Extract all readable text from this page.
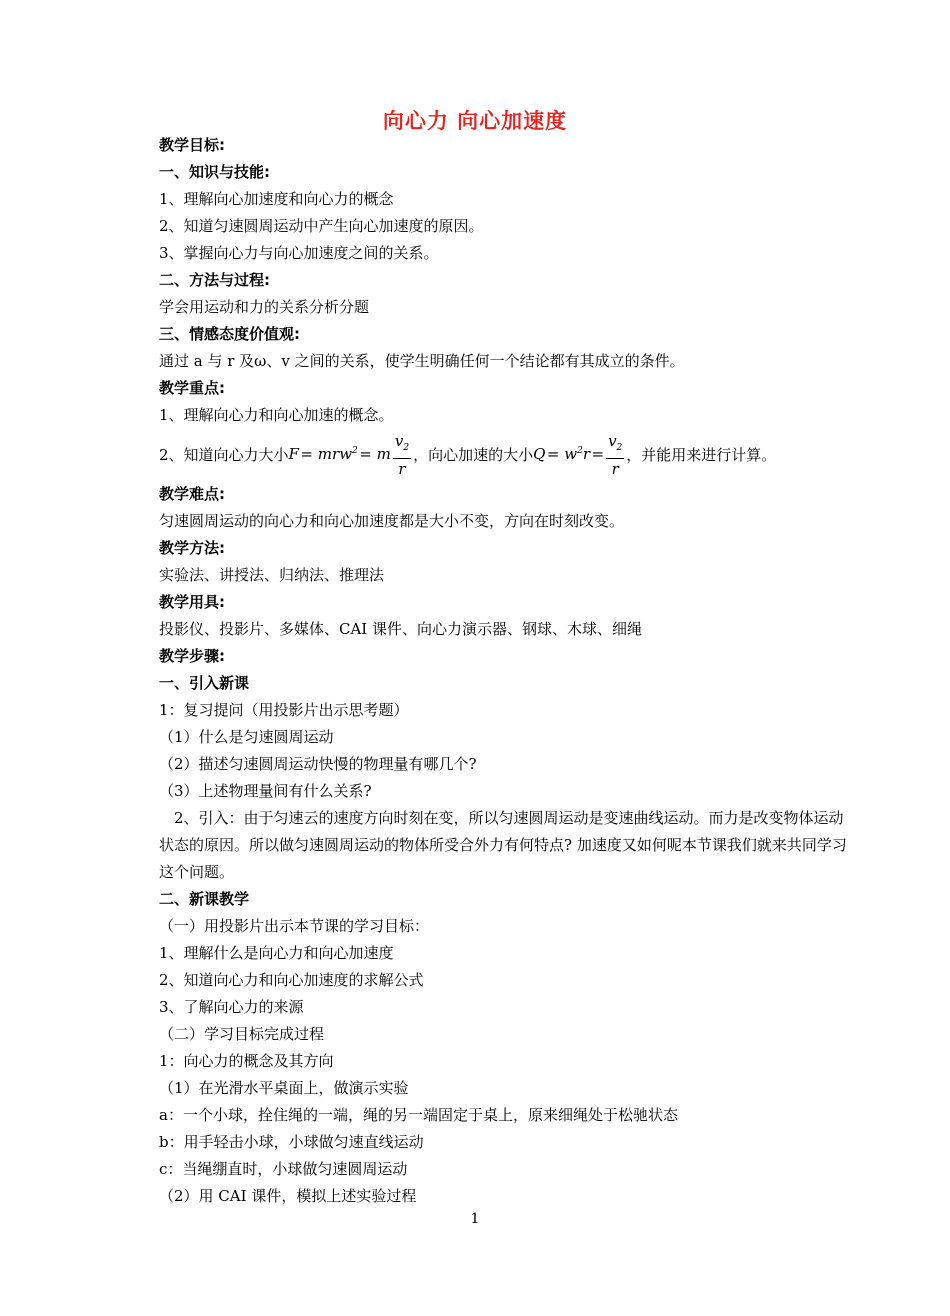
向心力 向心加速度
教学目标:
一、知识与技能:
1、理解向心加速度和向心力的概念
2、知道匀速圆周运动中产生向心加速度的原因。
3、掌握向心力与向心加速度之间的关系。
二、方法与过程:
学会用运动和力的关系分析分题
三、情感态度价值观:
通过 a 与 r 及ω、v 之间的关系，使学生明确任何一个结论都有其成立的条件。
教学重点:
1、理解向心力和向心加速的概念。
2、知道向心力大小 F  = mrw$^2$  = m $\frac{v_2}{r}$ ，向心加速的大小 Q  = $w^2r$  = $\frac{v_2}{r}$ ，并能用来进行计算。
教学难点:
匀速圆周运动的向心力和向心加速度都是大小不变，方向在时刻改变。
教学方法:
实验法、讲授法、归纳法、推理法
教学用具:
投影仪、投影片、多媒体、CAI 课件、向心力演示器、钢球、木球、细绳
教学步骤:
一、引入新课
1：复习提问（用投影片出示思考题）
（1）什么是匀速圆周运动
（2）描述匀速圆周运动快慢的物理量有哪几个?
（3）上述物理量间有什么关系?
2、引入：由于匀速云的速度方向时刻在变，所以匀速圆周运动是变速曲线运动。而力是改变物体运动状态的原因。所以做匀速圆周运动的物体所受合外力有何特点? 加速度又如何呢本节课我们就来共同学习这个问题。
二、新课教学
（一）用投影片出示本节课的学习目标：
1、理解什么是向心力和向心加速度
2、知道向心力和向心加速度的求解公式
3、了解向心力的来源
（二）学习目标完成过程
1：向心力的概念及其方向
（1）在光滑水平桌面上，做演示实验
a：一个小球，拴住绳的一端，绳的另一端固定于桌上，原来细绳处于松驰状态
b：用手轻击小球，小球做匀速直线运动
c：当绳绷直时，小球做匀速圆周运动
（2）用 CAI 课件，模拟上述实验过程
1
